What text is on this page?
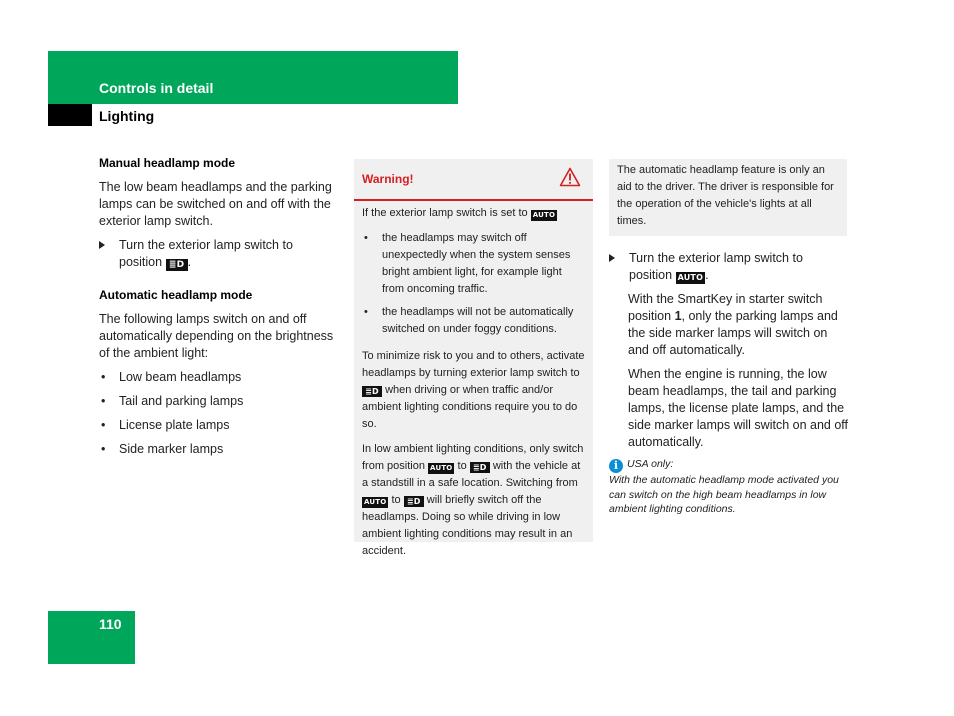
Controls in detail
Lighting
Manual headlamp mode

The low beam headlamps and the parking lamps can be switched on and off with the exterior lamp switch.

Turn the exterior lamp switch to position ≣D .
Automatic headlamp mode

The following lamps switch on and off automatically depending on the brightness of the ambient light:

• Low beam headlamps
• Tail and parking lamps
• License plate lamps
• Side marker lamps
Warning!

If the exterior lamp switch is set to AUTO

• the headlamps may switch off unexpectedly when the system senses bright ambient light, for example light from oncoming traffic.
• the headlamps will not be automatically switched on under foggy conditions.

To minimize risk to you and to others, activate headlamps by turning exterior lamp switch to ≣D when driving or when traffic and/or ambient lighting conditions require you to do so.

In low ambient lighting conditions, only switch from position AUTO to ≣D with the vehicle at a standstill in a safe location. Switching from AUTO to ≣D will briefly switch off the headlamps. Doing so while driving in low ambient lighting conditions may result in an accident.

The automatic headlamp feature is only an aid to the driver. The driver is responsible for the operation of the vehicle's lights at all times.
Turn the exterior lamp switch to position AUTO .

With the SmartKey in starter switch position 1, only the parking lamps and the side marker lamps will switch on and off automatically.

When the engine is running, the low beam headlamps, the tail and parking lamps, the license plate lamps, and the side marker lamps will switch on and off automatically.

i USA only:
With the automatic headlamp mode activated you can switch on the high beam headlamps in low ambient lighting conditions.
110
